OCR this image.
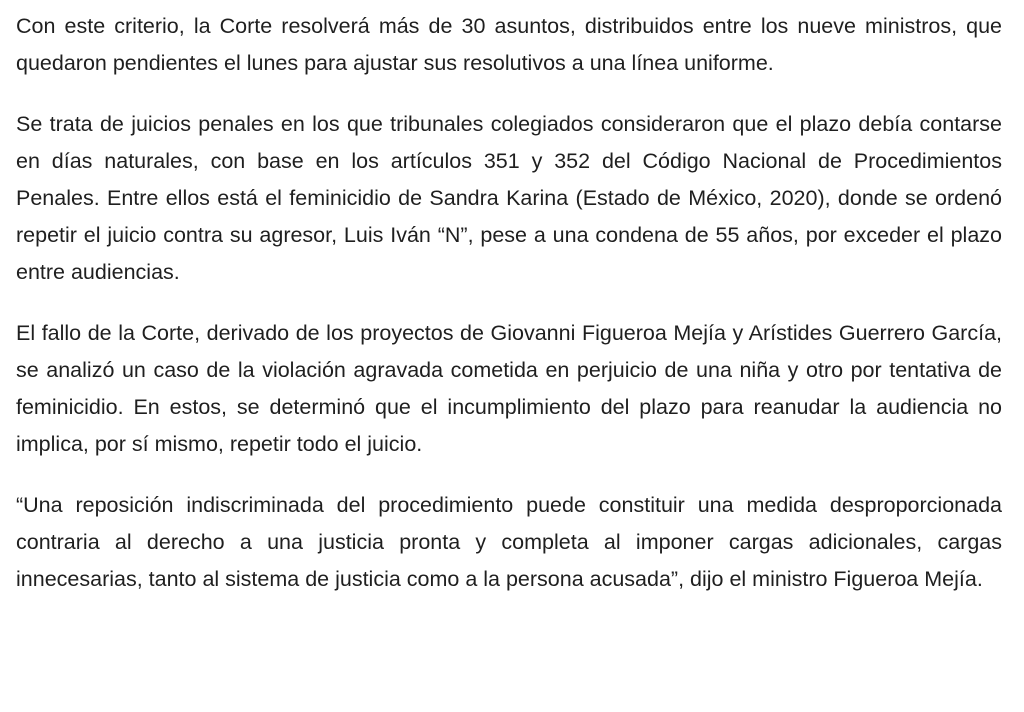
Con este criterio, la Corte resolverá más de 30 asuntos, distribuidos entre los nueve ministros, que quedaron pendientes el lunes para ajustar sus resolutivos a una línea uniforme.

Se trata de juicios penales en los que tribunales colegiados consideraron que el plazo debía contarse en días naturales, con base en los artículos 351 y 352 del Código Nacional de Procedimientos Penales. Entre ellos está el feminicidio de Sandra Karina (Estado de México, 2020), donde se ordenó repetir el juicio contra su agresor, Luis Iván “N”, pese a una condena de 55 años, por exceder el plazo entre audiencias.

El fallo de la Corte, derivado de los proyectos de Giovanni Figueroa Mejía y Arístides Guerrero García, se analizó un caso de la violación agravada cometida en perjuicio de una niña y otro por tentativa de feminicidio. En estos, se determinó que el incumplimiento del plazo para reanudar la audiencia no implica, por sí mismo, repetir todo el juicio.

“Una reposición indiscriminada del procedimiento puede constituir una medida desproporcionada contraria al derecho a una justicia pronta y completa al imponer cargas adicionales, cargas innecesarias, tanto al sistema de justicia como a la persona acusada”, dijo el ministro Figueroa Mejía.
